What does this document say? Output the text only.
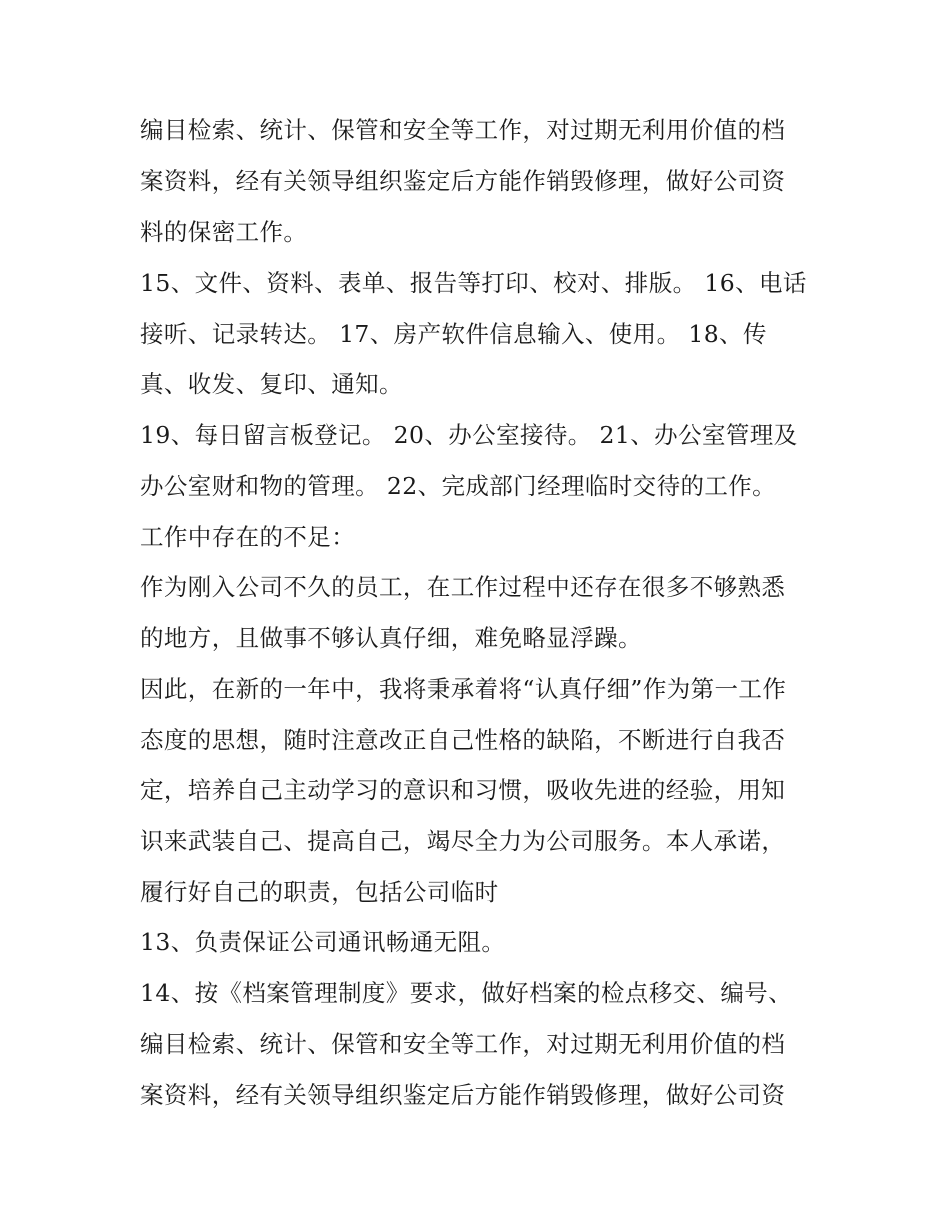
编目检索、统计、保管和安全等工作，对过期无利用价值的档
案资料，经有关领导组织鉴定后方能作销毁修理，做好公司资
料的保密工作。
15、文件、资料、表单、报告等打印、校对、排版。 16、电话
接听、记录转达。 17、房产软件信息输入、使用。 18、传
真、收发、复印、通知。
19、每日留言板登记。 20、办公室接待。 21、办公室管理及
办公室财和物的管理。 22、完成部门经理临时交待的工作。
工作中存在的不足：
作为刚入公司不久的员工，在工作过程中还存在很多不够熟悉
的地方，且做事不够认真仔细，难免略显浮躁。
因此，在新的一年中，我将秉承着将“认真仔细”作为第一工作
态度的思想，随时注意改正自己性格的缺陷，不断进行自我否
定，培养自己主动学习的意识和习惯，吸收先进的经验，用知
识来武装自己、提高自己，竭尽全力为公司服务。本人承诺，
履行好自己的职责，包括公司临时
13、负责保证公司通讯畅通无阻。
14、按《档案管理制度》要求，做好档案的检点移交、编号、
编目检索、统计、保管和安全等工作，对过期无利用价值的档
案资料，经有关领导组织鉴定后方能作销毁修理，做好公司资
